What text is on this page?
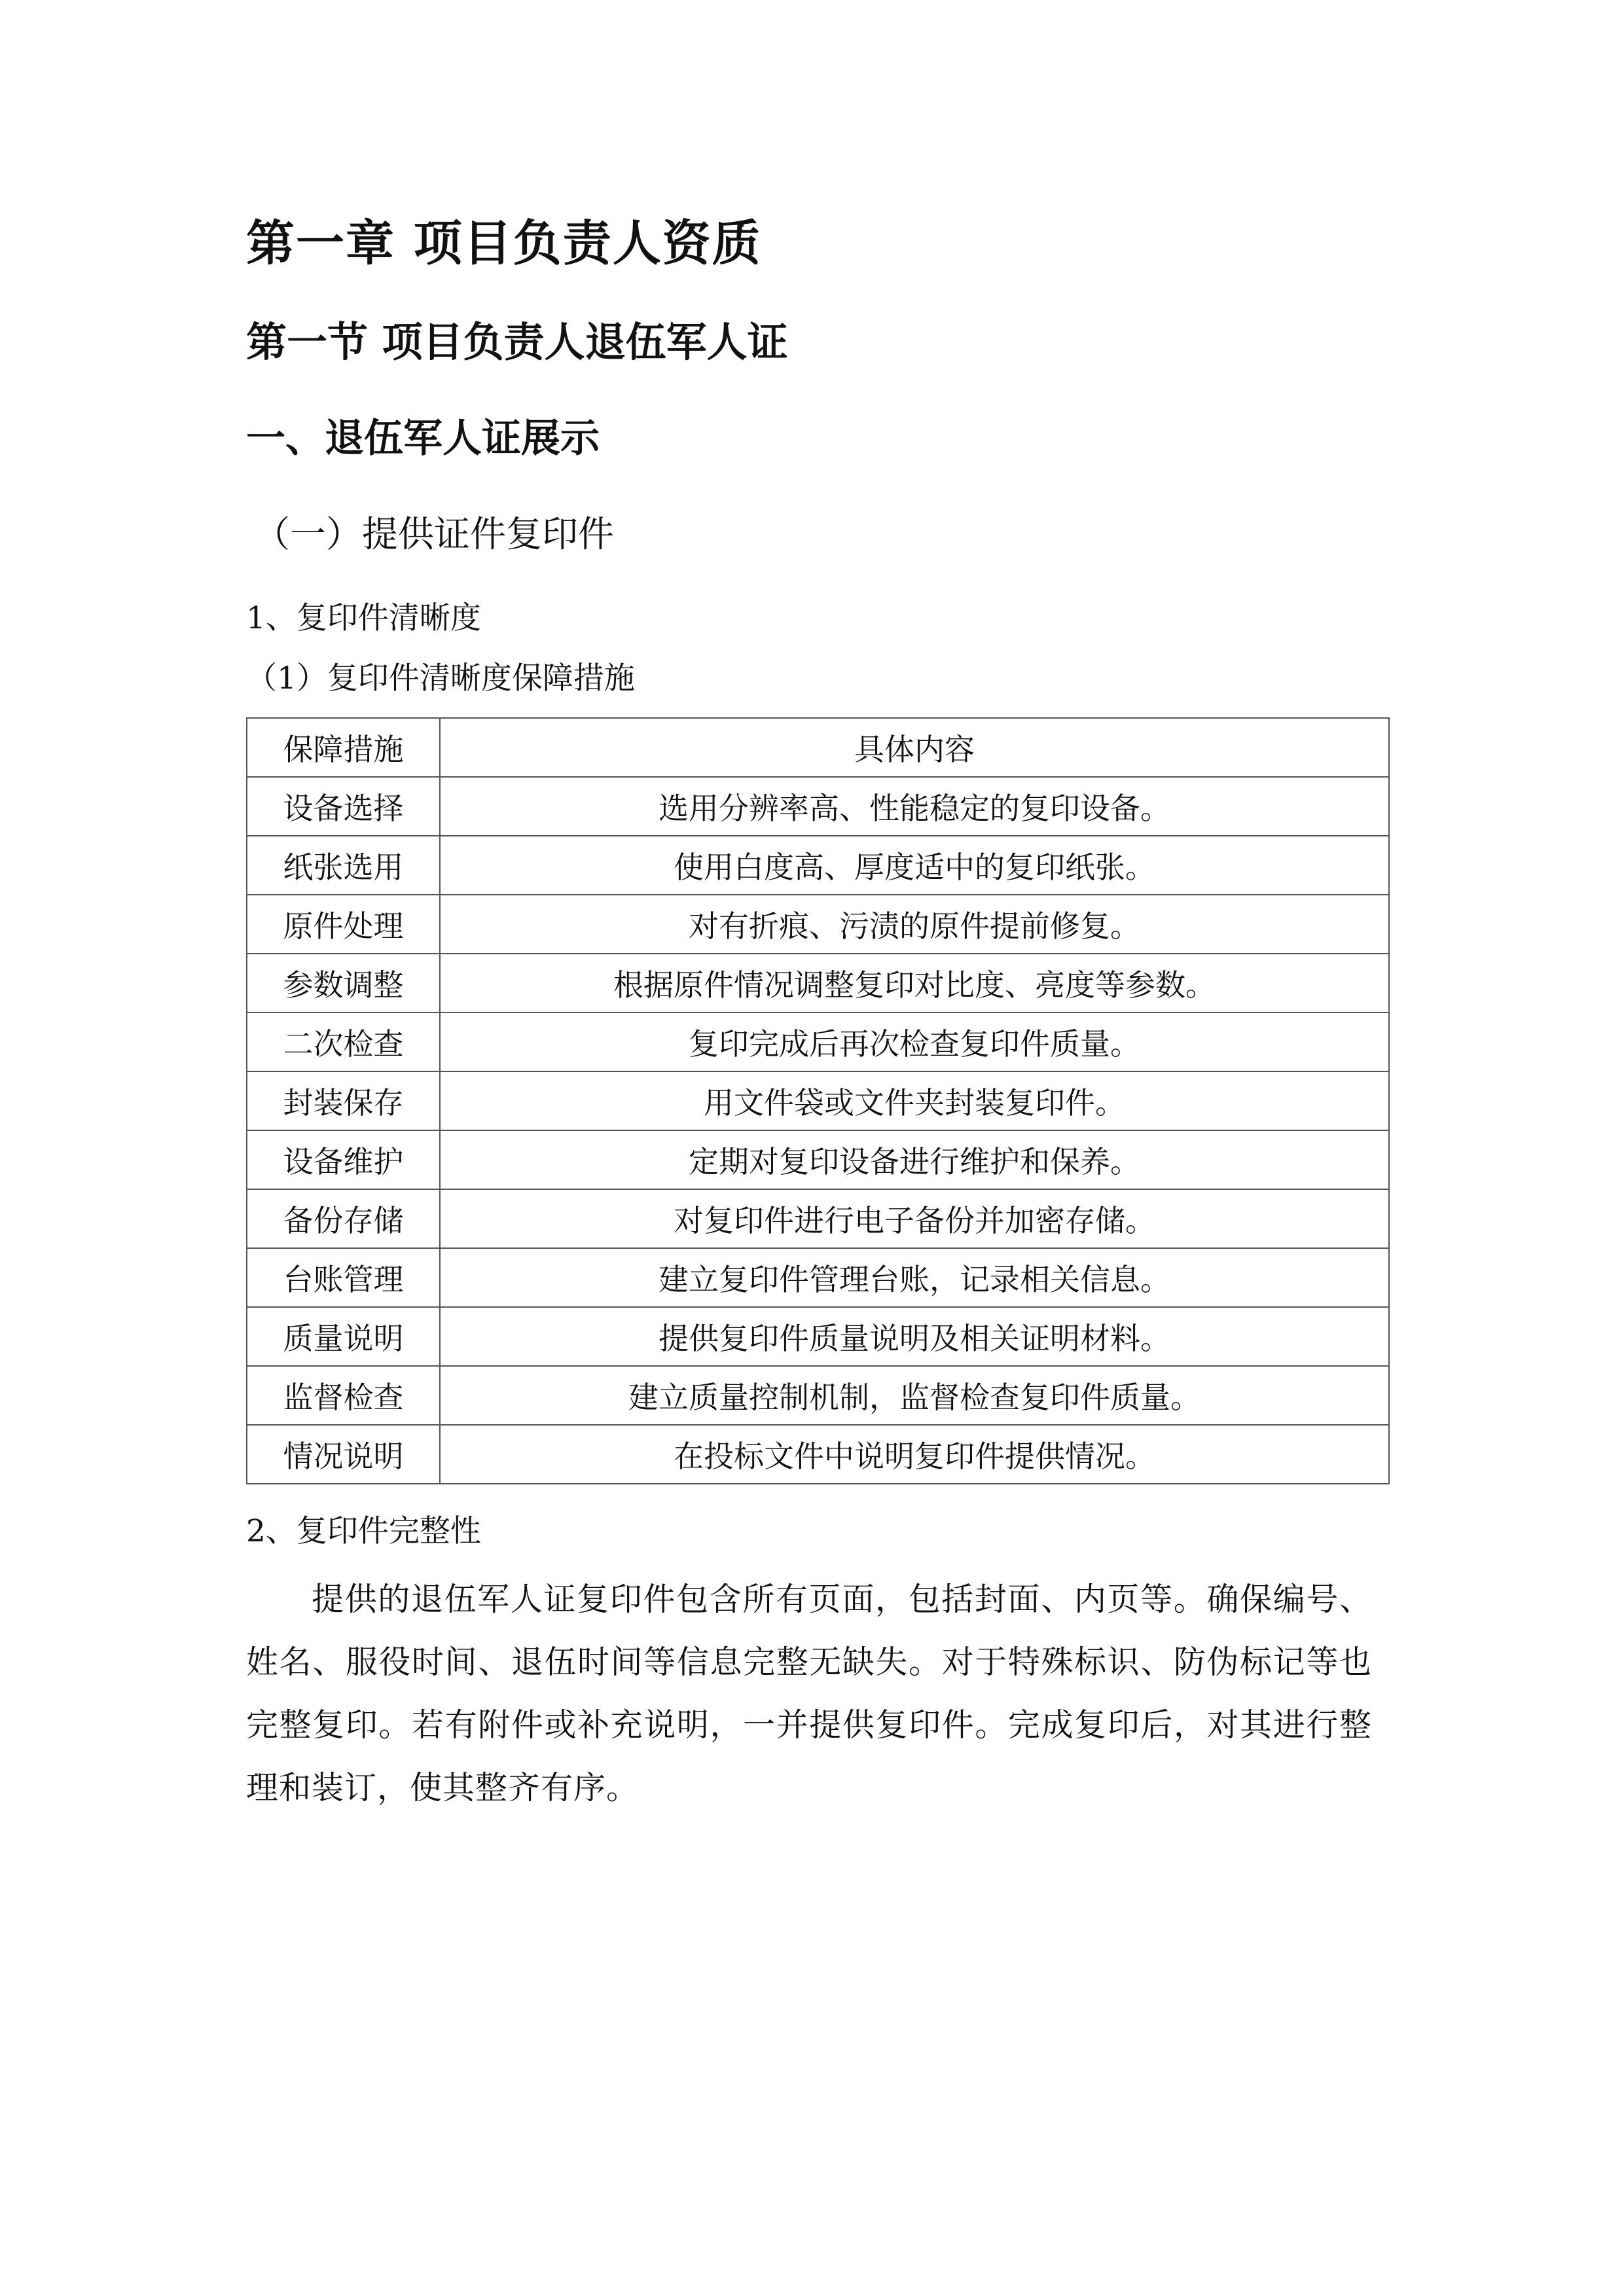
第一章 项目负责人资质
第一节 项目负责人退伍军人证
一、退伍军人证展示
（一）提供证件复印件
1、复印件清晰度
（1）复印件清晰度保障措施
保障措施	具体内容
设备选择	选用分辨率高、性能稳定的复印设备。
纸张选用	使用白度高、厚度适中的复印纸张。
原件处理	对有折痕、污渍的原件提前修复。
参数调整	根据原件情况调整复印对比度、亮度等参数。
二次检查	复印完成后再次检查复印件质量。
封装保存	用文件袋或文件夹封装复印件。
设备维护	定期对复印设备进行维护和保养。
备份存储	对复印件进行电子备份并加密存储。
台账管理	建立复印件管理台账，记录相关信息。
质量说明	提供复印件质量说明及相关证明材料。
监督检查	建立质量控制机制，监督检查复印件质量。
情况说明	在投标文件中说明复印件提供情况。
2、复印件完整性
提供的退伍军人证复印件包含所有页面，包括封面、内页等。确保编号、姓名、服役时间、退伍时间等信息完整无缺失。对于特殊标识、防伪标记等也完整复印。若有附件或补充说明，一并提供复印件。完成复印后，对其进行整理和装订，使其整齐有序。
